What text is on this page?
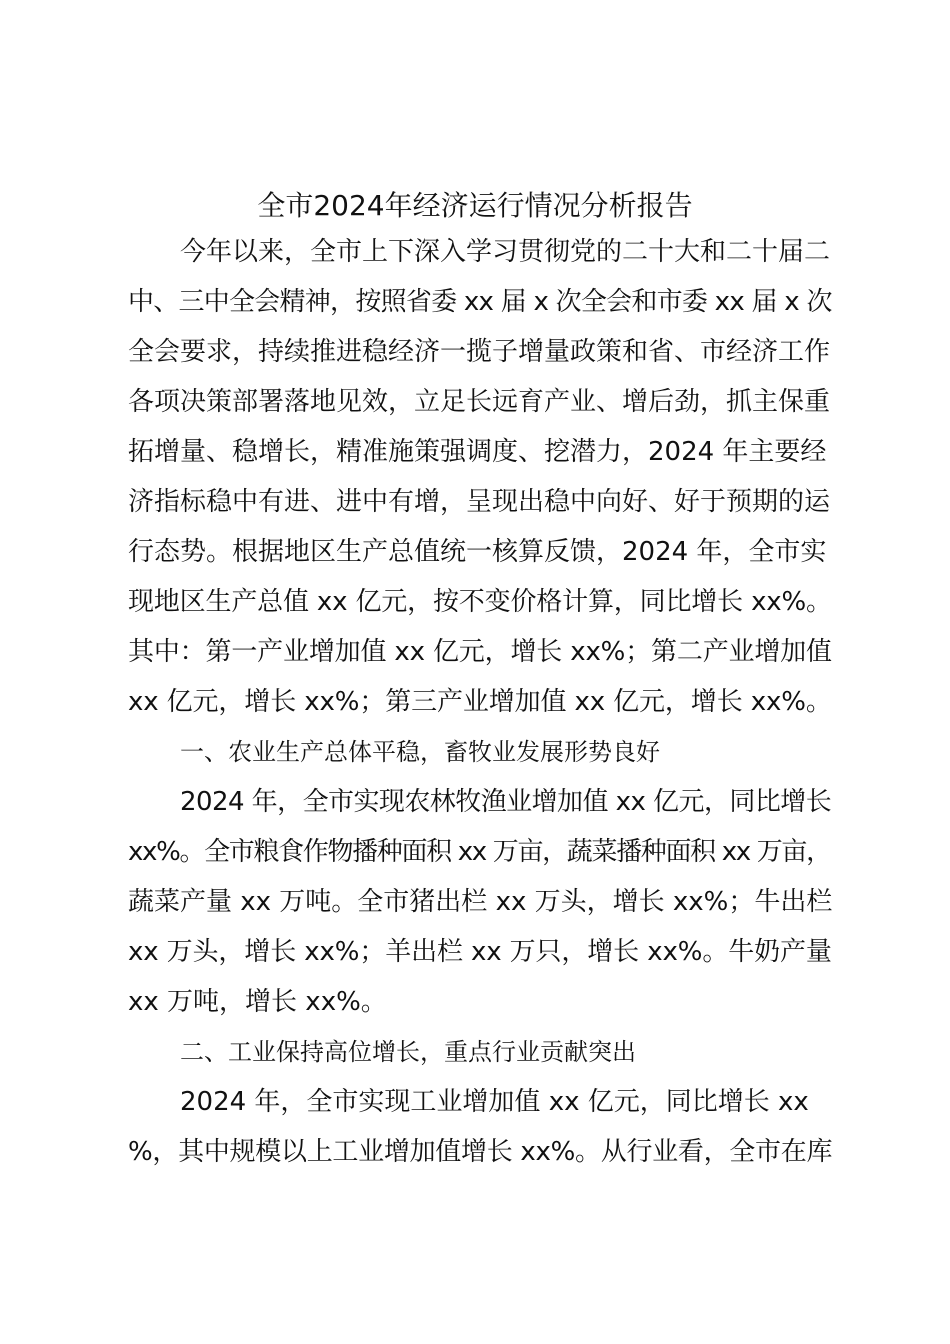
全市2024年经济运行情况分析报告

今年以来，全市上下深入学习贯彻党的二十大和二十届二

中、三中全会精神，按照省委 xx 届 x 次全会和市委 xx 届 x 次

全会要求，持续推进稳经济一揽子增量政策和省、市经济工作

各项决策部署落地见效，立足长远育产业、增后劲，抓主保重

拓增量、稳增长，精准施策强调度、挖潜力，2024 年主要经

济指标稳中有进、进中有增，呈现出稳中向好、好于预期的运

行态势。根据地区生产总值统一核算反馈，2024 年，全市实

现地区生产总值 xx 亿元，按不变价格计算，同比增长 xx%。

其中：第一产业增加值 xx 亿元，增长 xx%；第二产业增加值

xx 亿元，增长 xx%；第三产业增加值 xx 亿元，增长 xx%。

一、农业生产总体平稳，畜牧业发展形势良好

2024 年，全市实现农林牧渔业增加值 xx 亿元，同比增长

xx%。全市粮食作物播种面积 xx 万亩，蔬菜播种面积 xx 万亩，

蔬菜产量 xx 万吨。全市猪出栏 xx 万头，增长 xx%；牛出栏

xx 万头，增长 xx%；羊出栏 xx 万只，增长 xx%。牛奶产量

xx 万吨，增长 xx%。

二、工业保持高位增长，重点行业贡献突出

2024 年，全市实现工业增加值 xx 亿元，同比增长 xx

%，其中规模以上工业增加值增长 xx%。从行业看，全市在库
